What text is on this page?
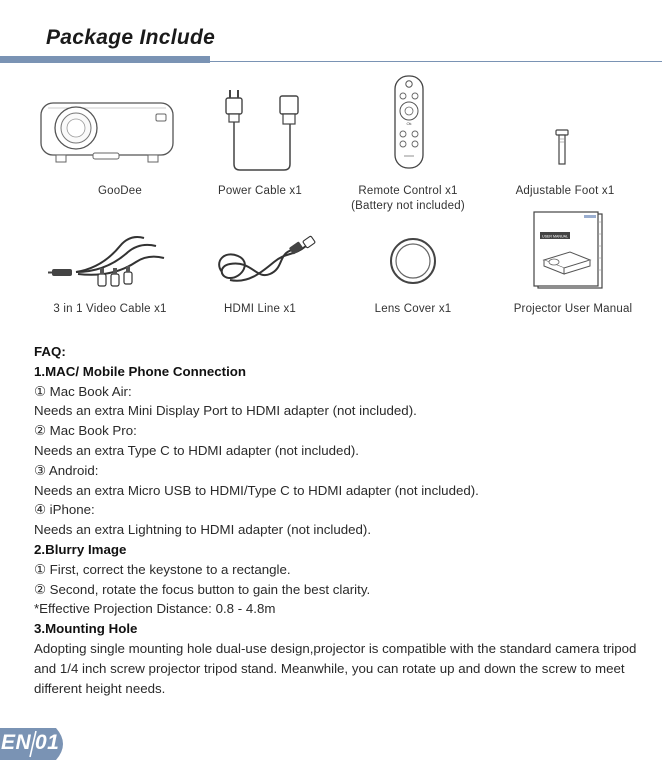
Package Include
GooDee	Power Cable x1
Ok
Remote Control x1
(Battery not included)
Adjustable Foot x1
3 in 1 Video Cable x1	HDMI Line x1	Lens Cover x1
USER MANUAL
Projector User Manual
FAQ:
1.MAC/ Mobile Phone Connection
① Mac Book Air:
Needs an extra Mini Display Port to HDMI adapter (not included).
② Mac Book Pro:
Needs an extra Type C to HDMI adapter (not included).
③ Android:
Needs an extra Micro USB to HDMI/Type C to HDMI adapter (not included).
④ iPhone:
Needs an extra Lightning to HDMI adapter (not included).
2.Blurry Image
① First, correct the keystone to a rectangle.
② Second, rotate the focus button to gain the best clarity.
*Effective Projection Distance: 0.8 - 4.8m
3.Mounting Hole
Adopting single mounting hole dual-use design,projector is compatible with the standard camera tripod and 1/4 inch screw projector tripod stand. Meanwhile, you can rotate up and down the screw to meet different height needs.
EN 01
